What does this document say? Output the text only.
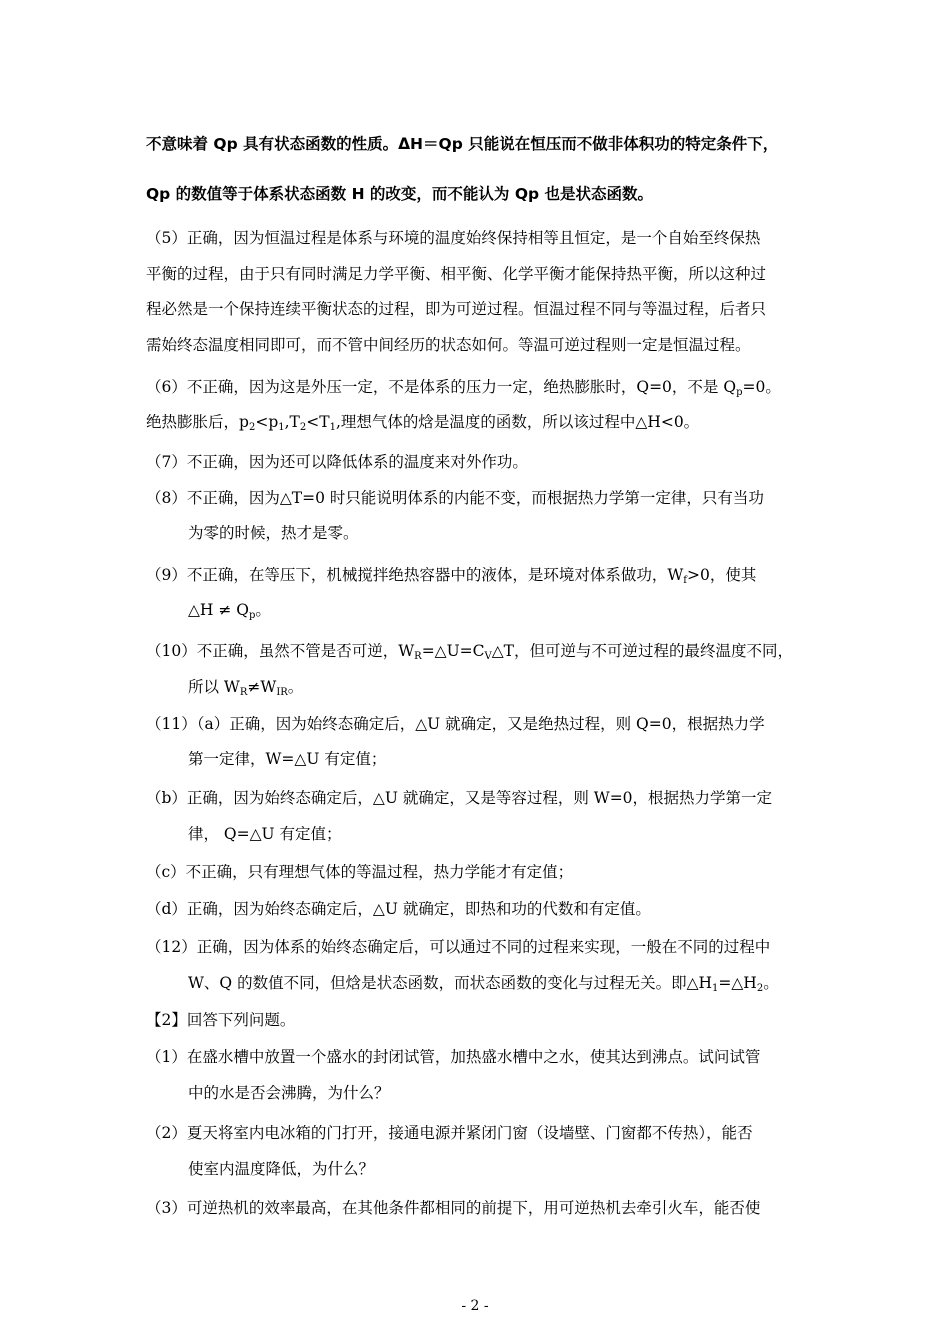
不意味着 Qp 具有状态函数的性质。ΔH＝Qp 只能说在恒压而不做非体积功的特定条件下，
Qp 的数值等于体系状态函数 H 的改变，而不能认为 Qp 也是状态函数。
（5）正确，因为恒温过程是体系与环境的温度始终保持相等且恒定，是一个自始至终保热
平衡的过程，由于只有同时满足力学平衡、相平衡、化学平衡才能保持热平衡，所以这种过
程必然是一个保持连续平衡状态的过程，即为可逆过程。恒温过程不同与等温过程，后者只
需始终态温度相同即可，而不管中间经历的状态如何。等温可逆过程则一定是恒温过程。
（6）不正确，因为这是外压一定，不是体系的压力一定，绝热膨胀时，Q=0，不是 $Q_p=0$。
绝热膨胀后，$p_2<p_1,T_2<T_1$,理想气体的焓是温度的函数，所以该过程中△H<0。
（7）不正确，因为还可以降低体系的温度来对外作功。
（8）不正确，因为△T=0 时只能说明体系的内能不变，而根据热力学第一定律，只有当功
为零的时候，热才是零。
（9）不正确，在等压下，机械搅拌绝热容器中的液体，是环境对体系做功，$W_f>0$，使其
△H ≠ $Q_p$。
（10）不正确，虽然不管是否可逆，$W_R=\triangle U=C_V\triangle T$，但可逆与不可逆过程的最终温度不同，
所以 $W_R\ne W_{IR}$。
（11）（a）正确，因为始终态确定后，△U 就确定，又是绝热过程，则 Q=0，根据热力学
第一定律，W=△U 有定值；
（b）正确，因为始终态确定后，△U 就确定，又是等容过程，则 W=0，根据热力学第一定
律， Q=△U 有定值；
（c）不正确，只有理想气体的等温过程，热力学能才有定值；
（d）正确，因为始终态确定后，△U 就确定，即热和功的代数和有定值。
（12）正确，因为体系的始终态确定后，可以通过不同的过程来实现，一般在不同的过程中
W、Q 的数值不同，但焓是状态函数，而状态函数的变化与过程无关。即$\triangle H_1=\triangle H_2$。
【2】回答下列问题。
（1）在盛水槽中放置一个盛水的封闭试管，加热盛水槽中之水，使其达到沸点。试问试管
中的水是否会沸腾，为什么？
（2）夏天将室内电冰箱的门打开，接通电源并紧闭门窗（设墙壁、门窗都不传热），能否
使室内温度降低，为什么？
（3）可逆热机的效率最高，在其他条件都相同的前提下，用可逆热机去牵引火车，能否使
- 2 -
